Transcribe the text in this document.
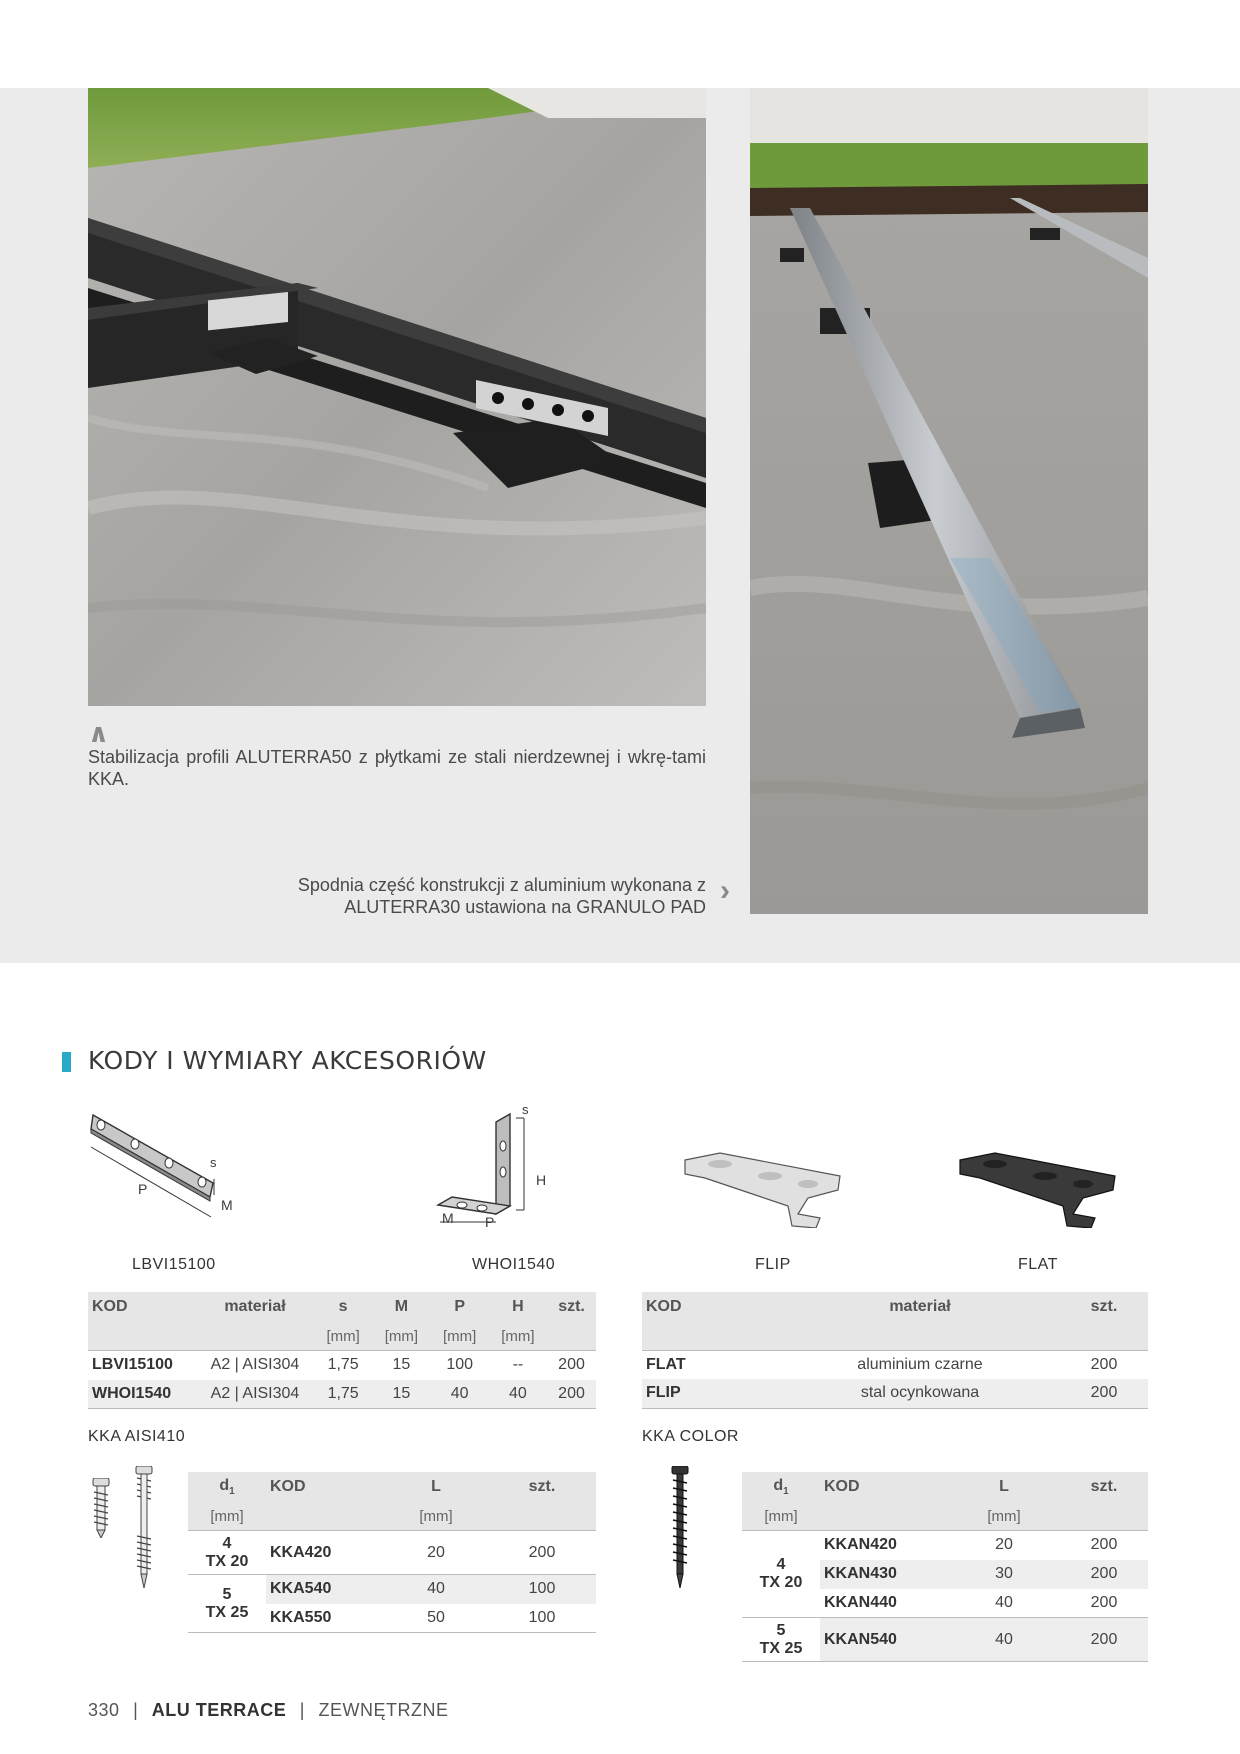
∧
Stabilizacja profili ALUTERRA50 z płytkami ze stali nierdzewnej i wkrę-tami KKA.
Spodnia część konstrukcji z aluminium wykonana z
ALUTERRA30 ustawiona na GRANULO PAD ›
KODY I WYMIARY AKCESORIÓW
P
s
M
s
H
M P
LBVI15100	WHOI1540	FLIP	FLAT
KOD	materiał	s	M	P	H	szt.
		[mm]	[mm]	[mm]	[mm]	
LBVI15100	A2 | AISI304	1,75	15	100	--	200
WHOI1540	A2 | AISI304	1,75	15	40	40	200
KOD	materiał	szt.
FLAT	aluminium czarne	200
FLIP	stal ocynkowana	200
KKA AISI410	KKA COLOR
$d_1$	KOD	L	szt.
[mm]		[mm]	

4
TX 20	KKA420	20	200

5
TX 25	KKA540	40	100
	KKA550	50	100
$d_1$	KOD	L	szt.
[mm]		[mm]	

4
TX 20	KKAN420	20	200
	KKAN430	30	200
	KKAN440	40	200

5
TX 25	KKAN540	40	200
330 | ALU TERRACE | ZEWNĘTRZNE
